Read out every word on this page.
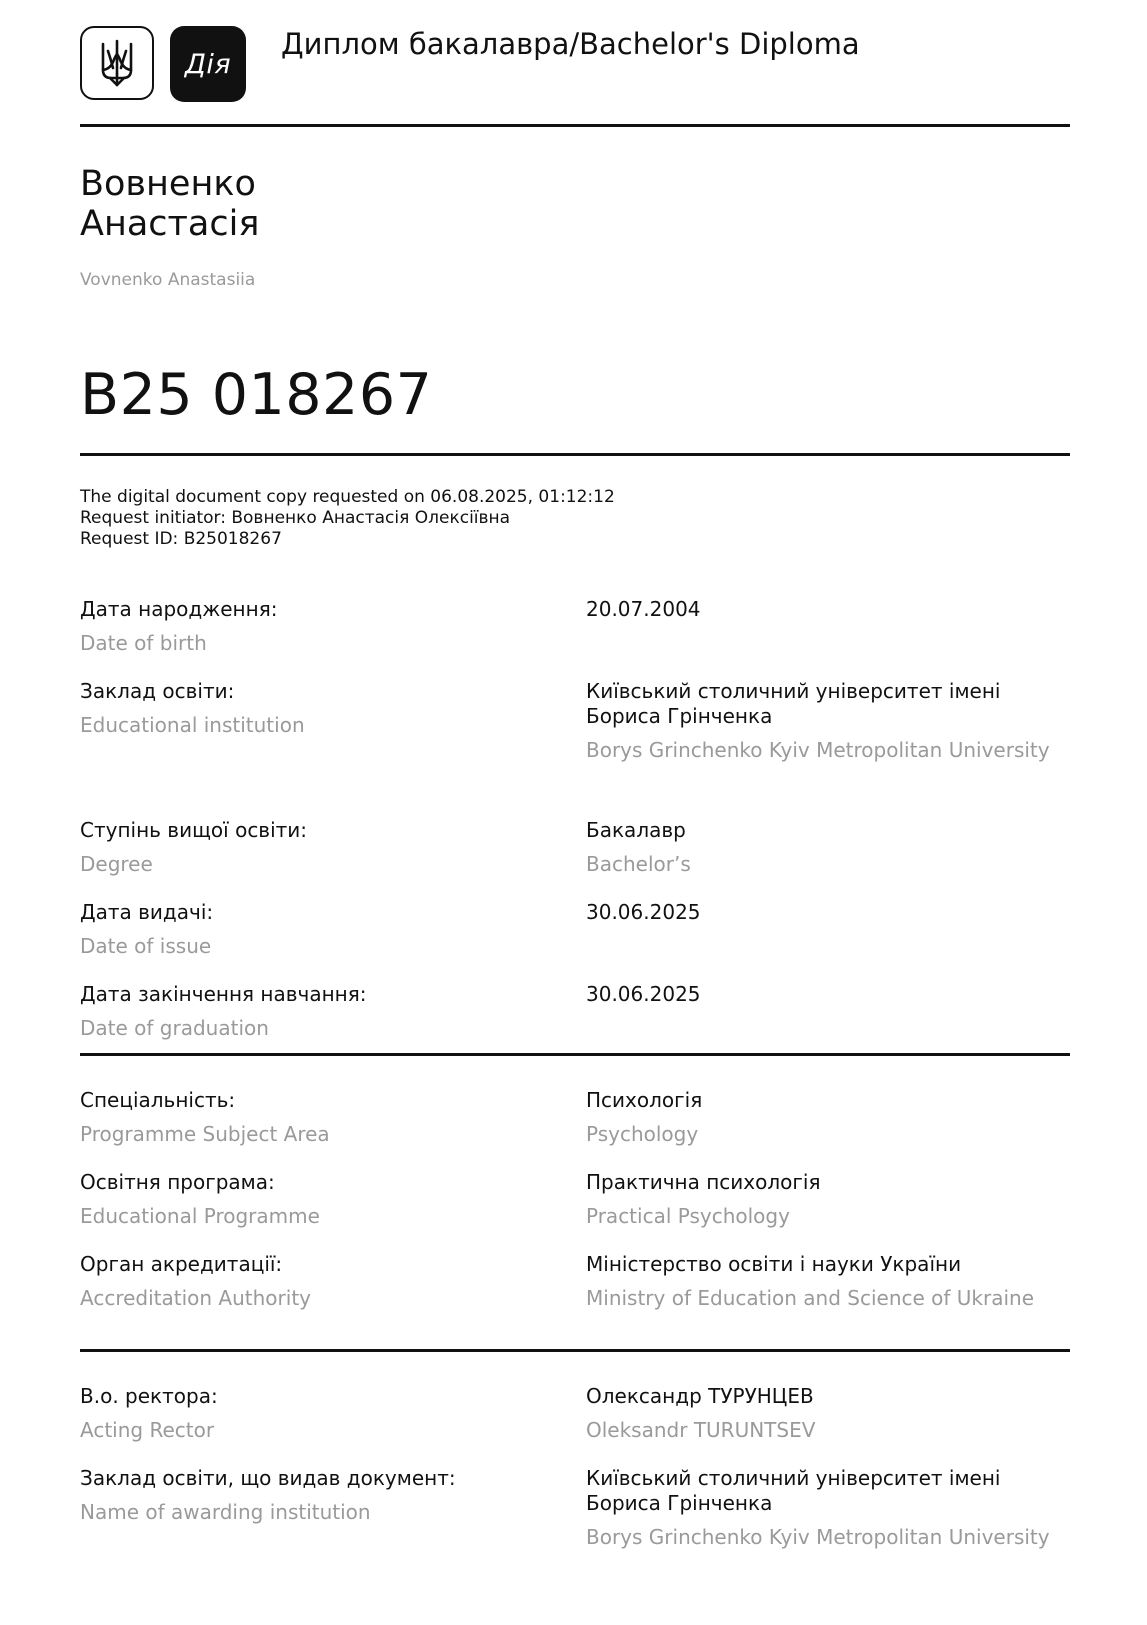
Дія
Диплом бакалавра/Bachelor's Diploma
Вовненко
Анастасія
Vovnenko Anastasiia
B25 018267
The digital document copy requested on 06.08.2025, 01:12:12
Request initiator: Вовненко Анастасія Олексіївна
Request ID: B25018267
Дата народження:
Date of birth
20.07.2004
Заклад освіти:
Educational institution
Київський столичний університет імені Бориса Грінченка
Borys Grinchenko Kyiv Metropolitan University
Ступінь вищої освіти:
Degree
Бакалавр
Bachelor’s
Дата видачі:
Date of issue
30.06.2025
Дата закінчення навчання:
Date of graduation
30.06.2025
Спеціальність:
Programme Subject Area
Психологія
Psychology
Освітня програма:
Educational Programme
Практична психологія
Practical Psychology
Орган акредитації:
Accreditation Authority
Міністерство освіти і науки України
Ministry of Education and Science of Ukraine
В.о. ректора:
Acting Rector
Олександр ТУРУНЦЕВ
Oleksandr TURUNTSEV
Заклад освіти, що видав документ:
Name of awarding institution
Київський столичний університет імені Бориса Грінченка
Borys Grinchenko Kyiv Metropolitan University
